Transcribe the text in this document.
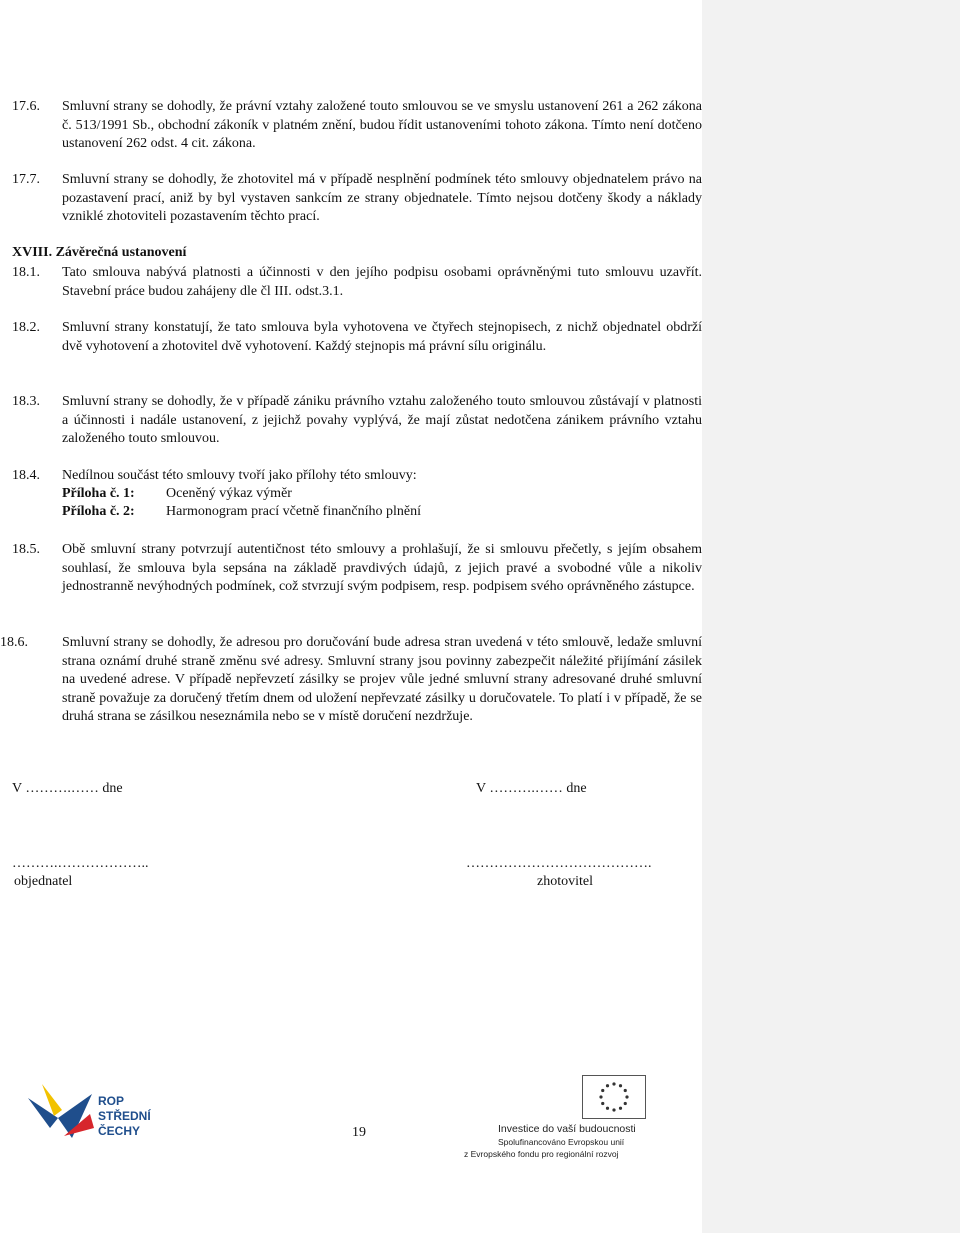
17.6. Smluvní strany se dohodly, že právní vztahy založené touto smlouvou se ve smyslu ustanovení 261 a 262 zákona č. 513/1991 Sb., obchodní zákoník v platném znění, budou řídit ustanoveními tohoto zákona. Tímto není dotčeno ustanovení 262 odst. 4 cit. zákona.
17.7. Smluvní strany se dohodly, že zhotovitel má v případě nesplnění podmínek této smlouvy objednatelem právo na pozastavení prací, aniž by byl vystaven sankcím ze strany objednatele. Tímto nejsou dotčeny škody a náklady vzniklé zhotoviteli pozastavením těchto prací.
XVIII. Závěrečná ustanovení
18.1. Tato smlouva nabývá platnosti a účinnosti v den jejího podpisu osobami oprávněnými tuto smlouvu uzavřít. Stavební práce budou zahájeny dle čl III. odst.3.1.
18.2. Smluvní strany konstatují, že tato smlouva byla vyhotovena ve čtyřech stejnopisech, z nichž objednatel obdrží dvě vyhotovení a zhotovitel dvě vyhotovení. Každý stejnopis má právní sílu originálu.
18.3. Smluvní strany se dohodly, že v případě zániku právního vztahu založeného touto smlouvou zůstávají v platnosti a účinnosti i nadále ustanovení, z jejichž povahy vyplývá, že mají zůstat nedotčena zánikem právního vztahu založeného touto smlouvou.
18.4. Nedílnou součást této smlouvy tvoří jako přílohy této smlouvy:
Příloha č. 1: Oceněný výkaz výměr
Příloha č. 2: Harmonogram prací včetně finančního plnění
18.5. Obě smluvní strany potvrzují autentičnost této smlouvy a prohlašují, že si smlouvu přečetly, s jejím obsahem souhlasí, že smlouva byla sepsána na základě pravdivých údajů, z jejich pravé a svobodné vůle a nikoliv jednostranně nevýhodných podmínek, což stvrzují svým podpisem, resp. podpisem svého oprávněného zástupce.
18.6. Smluvní strany se dohodly, že adresou pro doručování bude adresa stran uvedená v této smlouvě, ledaže smluvní strana oznámí druhé straně změnu své adresy. Smluvní strany jsou povinny zabezpečit náležité přijímání zásilek na uvedené adrese. V případě nepřevzetí zásilky se projev vůle jedné smluvní strany adresované druhé smluvní straně považuje za doručený třetím dnem od uložení nepřevzaté zásilky u doručovatele. To platí i v případě, že se druhá strana se zásilkou neseznámila nebo se v místě doručení nezdržuje.
V ……….…… dne	V ……….…… dne
……….………………..	………………………………….
objednatel	zhotovitel
ROP
STŘEDNÍ
ČECHY	19	Investice do vaší budoucnosti
Spolufinancováno Evropskou unií
z Evropského fondu pro regionální rozvoj
